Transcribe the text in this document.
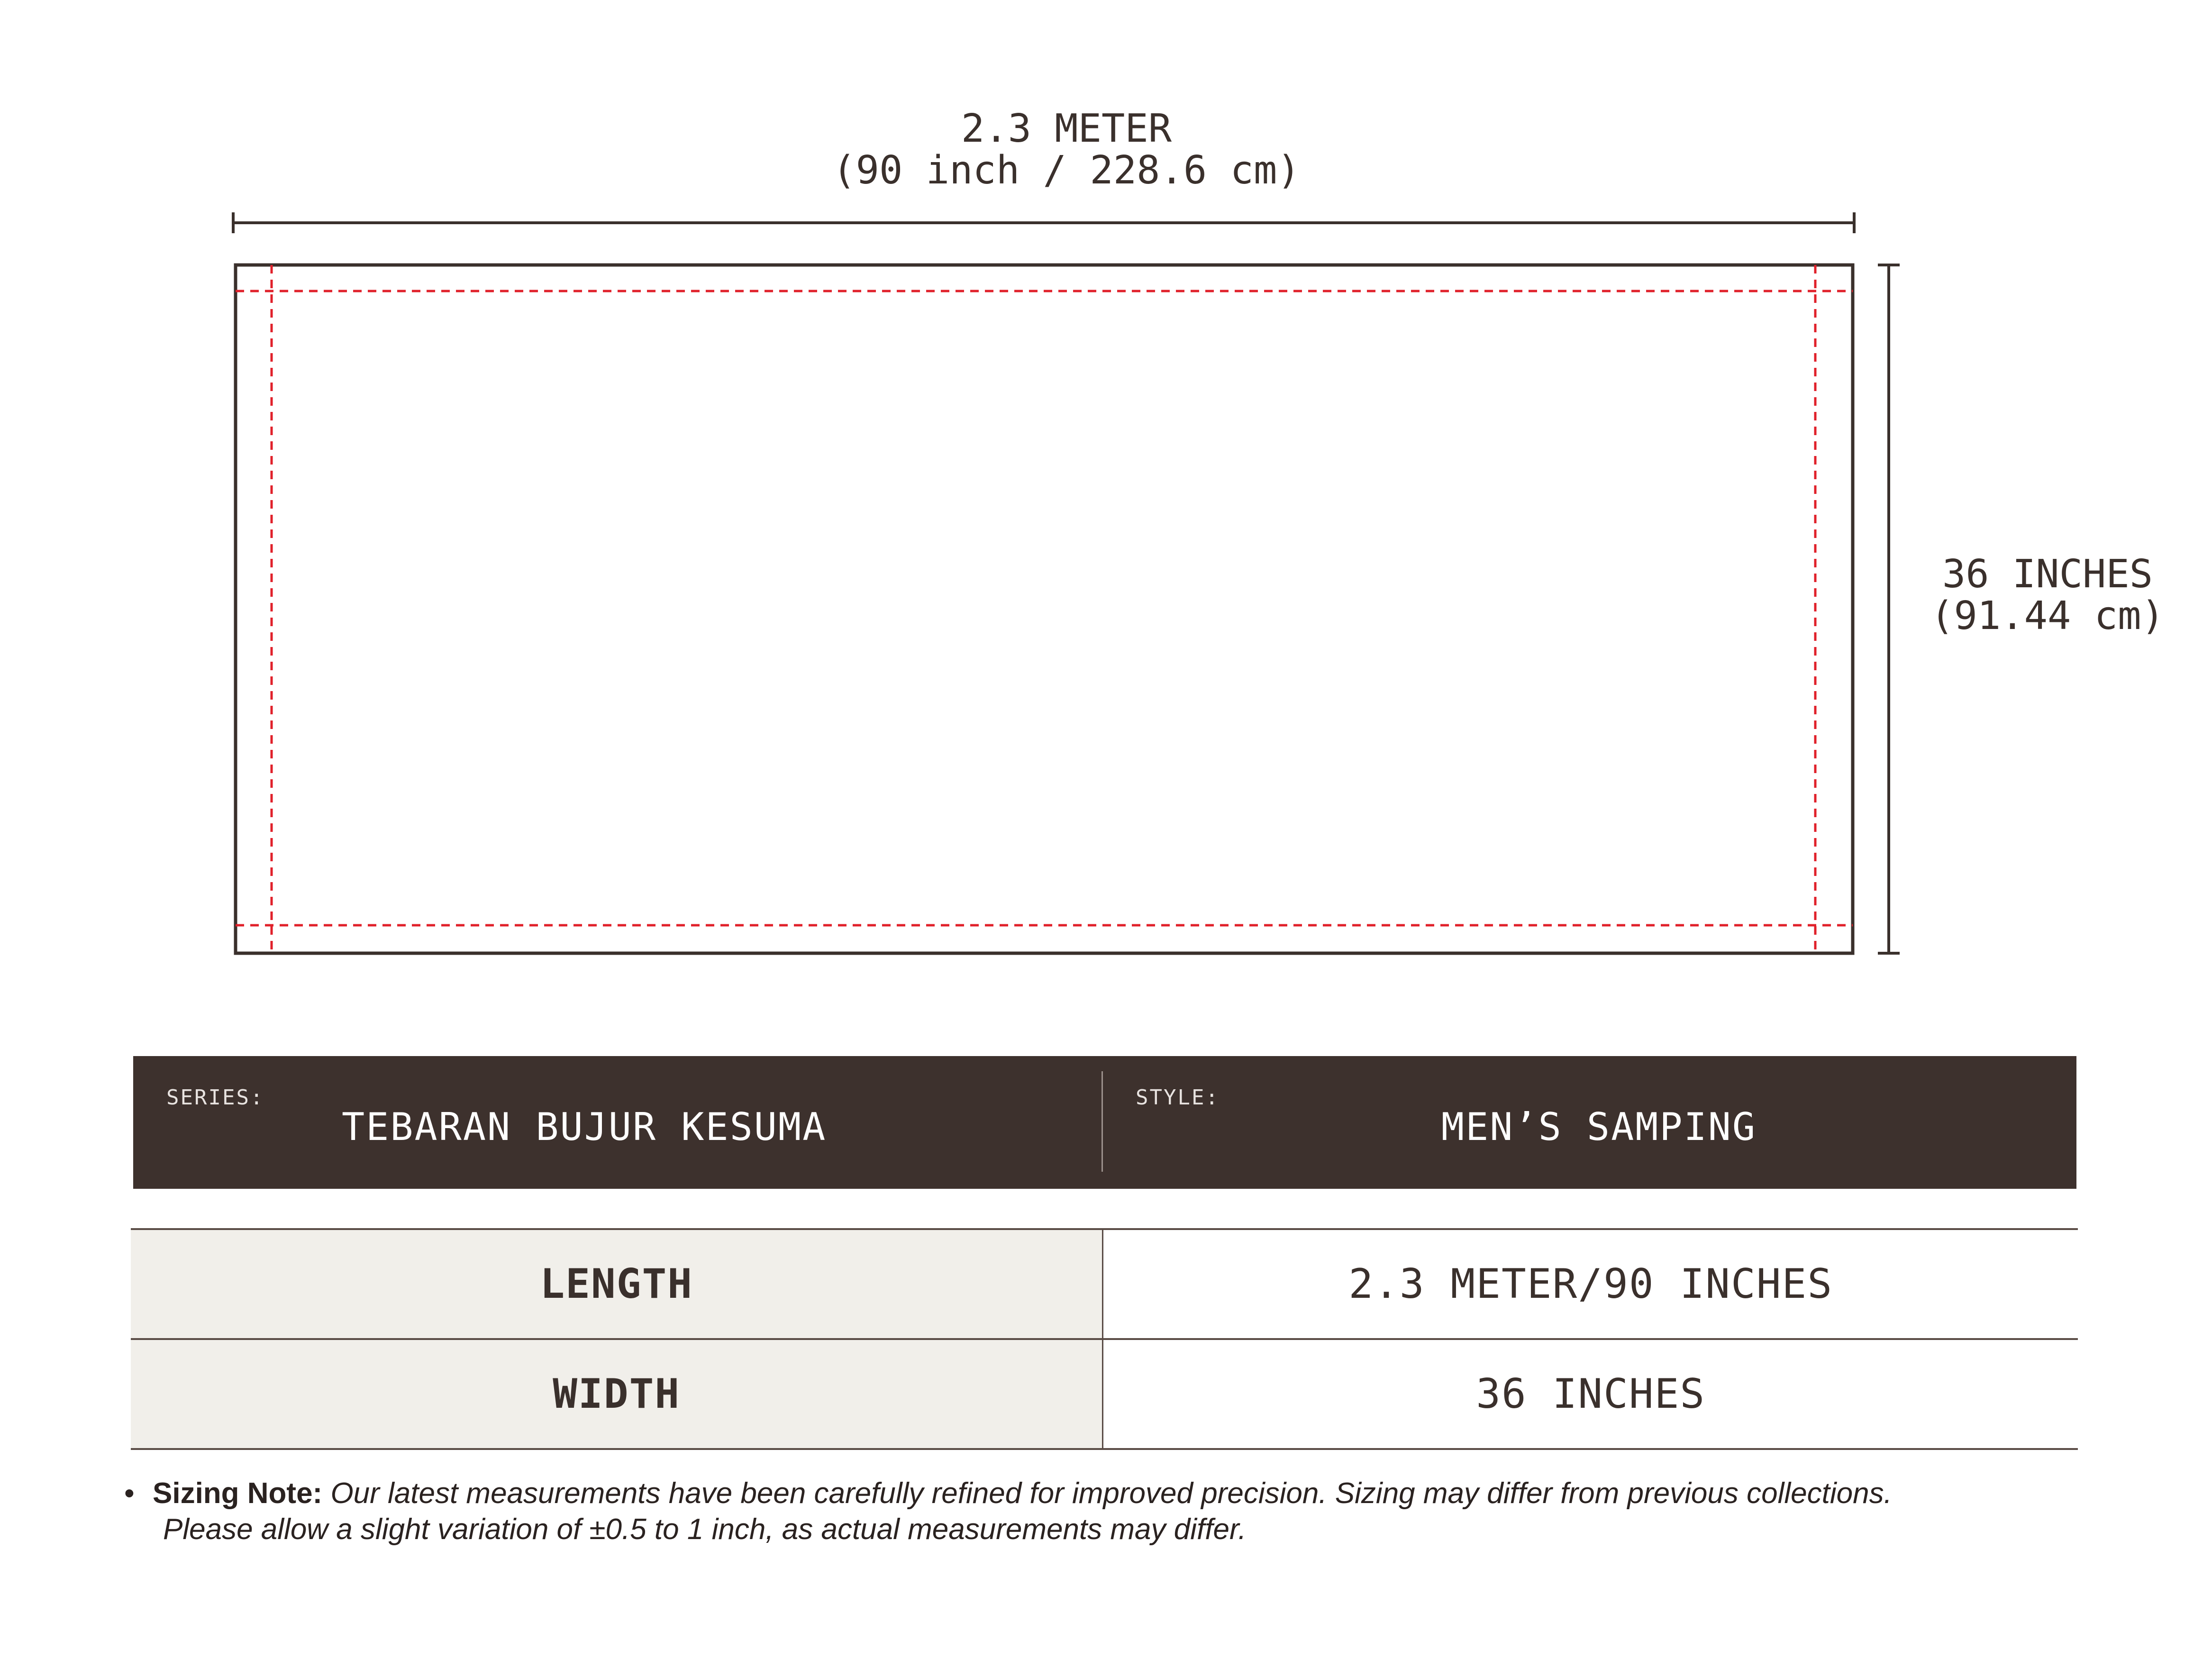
2.3 METER
(90 inch / 228.6 cm)
36 INCHES
(91.44 cm)
SERIES:
TEBARAN BUJUR KESUMA
STYLE:
MEN’S SAMPING
LENGTH	2.3 METER/90 INCHES
WIDTH	36 INCHES
• Sizing Note: Our latest measurements have been carefully refined for improved precision. Sizing may differ from previous collections.
Please allow a slight variation of ±0.5 to 1 inch, as actual measurements may differ.
